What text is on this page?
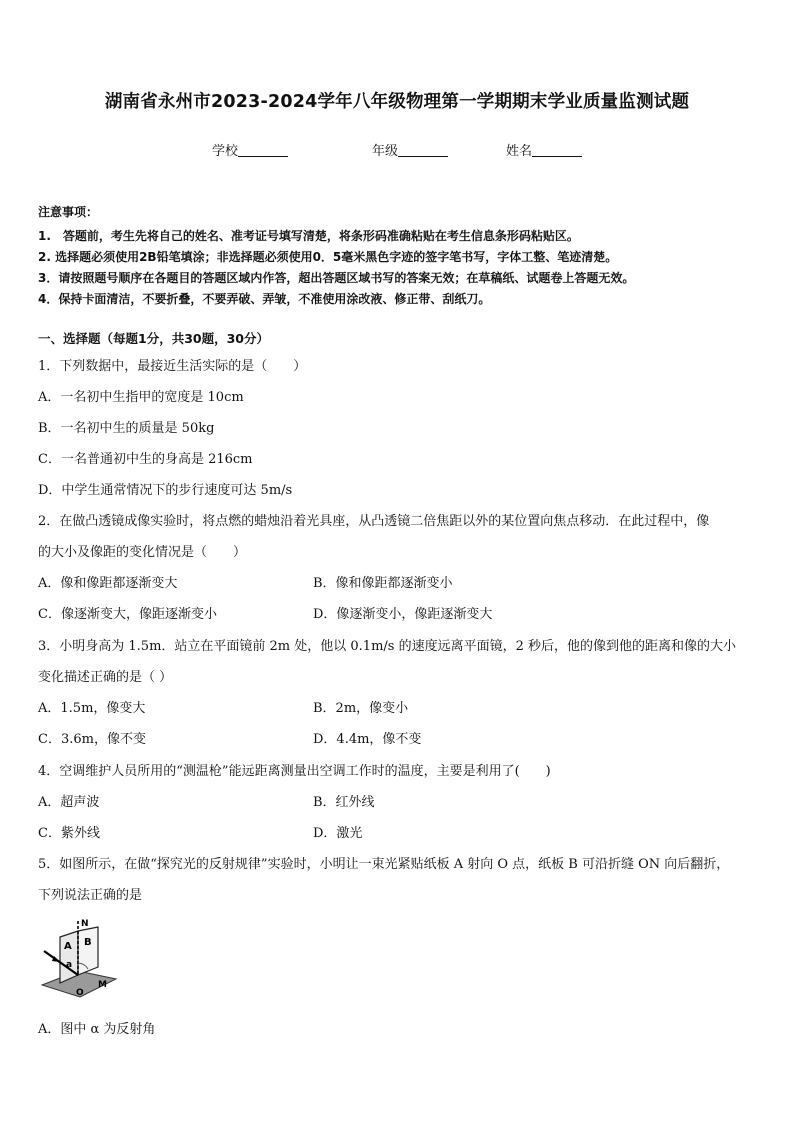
湖南省永州市2023-2024学年八年级物理第一学期期末学业质量监测试题
学校	年级	姓名
注意事项：
1.　答题前，考生先将自己的姓名、准考证号填写清楚，将条形码准确粘贴在考生信息条形码粘贴区。
2. 选择题必须使用2B铅笔填涂；非选择题必须使用0．5毫米黑色字迹的签字笔书写，字体工整、笔迹清楚。
3．请按照题号顺序在各题目的答题区域内作答，超出答题区域书写的答案无效；在草稿纸、试题卷上答题无效。
4．保持卡面清洁，不要折叠，不要弄破、弄皱，不准使用涂改液、修正带、刮纸刀。
一、选择题（每题1分，共30题，30分）
1．下列数据中，最接近生活实际的是（　　）
A．一名初中生指甲的宽度是 10cm
B．一名初中生的质量是 50kg
C．一名普通初中生的身高是 216cm
D．中学生通常情况下的步行速度可达 5m/s
2．在做凸透镜成像实验时，将点燃的蜡烛沿着光具座，从凸透镜二倍焦距以外的某位置向焦点移动．在此过程中，像
的大小及像距的变化情况是（　　）
A．像和像距都逐渐变大	B．像和像距都逐渐变小
C．像逐渐变大，像距逐渐变小	D．像逐渐变小，像距逐渐变大
3．小明身高为 1.5m．站立在平面镜前 2m 处，他以 0.1m/s 的速度远离平面镜，2 秒后，他的像到他的距离和像的大小
变化描述正确的是（ ）
A．1.5m，像变大	B．2m，像变小
C．3.6m，像不变	D．4.4m，像不变
4．空调维护人员所用的“测温枪”能远距离测量出空调工作时的温度，主要是利用了(　　)
A．超声波	B．红外线
C．紫外线	D．激光
5．如图所示，在做“探究光的反射规律”实验时，小明让一束光紧贴纸板 A 射向 O 点，纸板 B 可沿折缝 ON 向后翻折，
下列说法正确的是
N
A B
a
O
M
A．图中 α 为反射角
